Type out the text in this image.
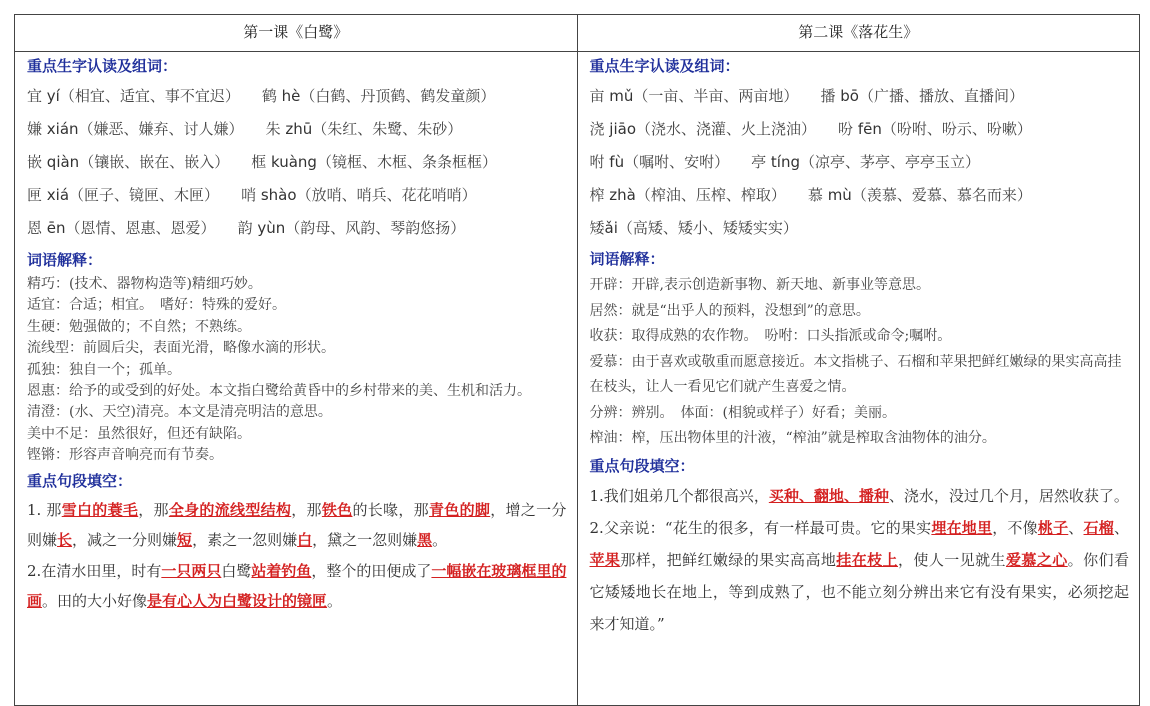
第一课《白鹭》
重点生字认读及组词：
宜 yí（相宜、适宜、事不宜迟） 鹤 hè（白鹤、丹顶鹤、鹤发童颜）
嫌 xián（嫌恶、嫌弃、讨人嫌） 朱 zhū（朱红、朱鹭、朱砂）
嵌 qiàn（镶嵌、嵌在、嵌入） 框 kuàng（镜框、木框、条条框框）
匣 xiá（匣子、镜匣、木匣） 哨 shào（放哨、哨兵、花花哨哨）
恩 ēn（恩情、恩惠、恩爱） 韵 yùn（韵母、风韵、琴韵悠扬）
词语解释：
精巧：(技术、器物构造等)精细巧妙。
适宜：合适；相宜。　嗜好：特殊的爱好。
生硬：勉强做的；不自然；不熟练。
流线型：前圆后尖，表面光滑，略像水滴的形状。
孤独：独自一个；孤单。
恩惠：给予的或受到的好处。本文指白鹭给黄昏中的乡村带来的美、生机和活力。
清澄：(水、天空)清亮。本文是清亮明洁的意思。
美中不足：虽然很好，但还有缺陷。
铿锵：形容声音响亮而有节奏。
重点句段填空：
1. 那雪白的蓑毛，那全身的流线型结构，那铁色的长喙，那青色的脚，增之一分则嫌长，减之一分则嫌短，素之一忽则嫌白，黛之一忽则嫌黑。
2.在清水田里，时有一只两只白鹭站着钓鱼，整个的田便成了一幅嵌在玻璃框里的画。田的大小好像是有心人为白鹭设计的镜匣。
第二课《落花生》
重点生字认读及组词：
亩 mǔ（一亩、半亩、两亩地） 播 bō（广播、播放、直播间）
浇 jiāo（浇水、浇灌、火上浇油） 吩 fēn（吩咐、吩示、吩嗽）
咐 fù（嘱咐、安咐） 亭 tíng（凉亭、茅亭、亭亭玉立）
榨 zhà（榨油、压榨、榨取） 慕 mù（羡慕、爱慕、慕名而来）
矮ǎi（高矮、矮小、矮矮实实）
词语解释：
开辟：开辟,表示创造新事物、新天地、新事业等意思。
居然：就是“出乎人的预料，没想到”的意思。
收获：取得成熟的农作物。　吩咐：口头指派或命令;嘱咐。
爱慕：由于喜欢或敬重而愿意接近。本文指桃子、石榴和苹果把鲜红嫩绿的果实高高挂在枝头，让人一看见它们就产生喜爱之情。
分辨：辨别。　体面：(相貌或样子）好看；美丽。
榨油：榨，压出物体里的汁液，“榨油”就是榨取含油物体的油分。
重点句段填空：
1.我们姐弟几个都很高兴，买种、翻地、播种、浇水，没过几个月，居然收获了。
2.父亲说：“花生的很多，有一样最可贵。它的果实埋在地里，不像桃子、石榴、苹果那样，把鲜红嫩绿的果实高高地挂在枝上，使人一见就生爱慕之心。你们看它矮矮地长在地上，等到成熟了，也不能立刻分辨出来它有没有果实，必须挖起来才知道。”
